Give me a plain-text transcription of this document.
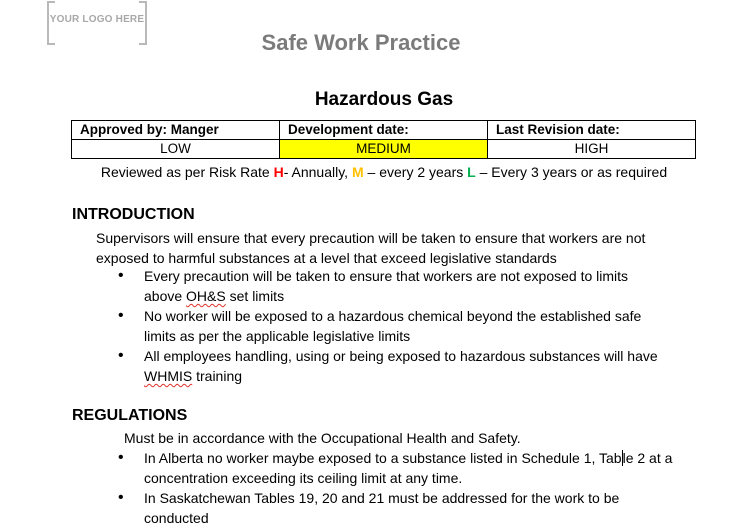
YOUR LOGO HERE
Safe Work Practice
Hazardous Gas
Approved by: Manger	Development date:	Last Revision date:
LOW	MEDIUM	HIGH
Reviewed as per Risk Rate H- Annually, M – every 2 years L – Every 3 years or as required
INTRODUCTION
Supervisors will ensure that every precaution will be taken to ensure that workers are not
exposed to harmful substances at a level that exceed legislative standards
• Every precaution will be taken to ensure that workers are not exposed to limits
above OH&S set limits
• No worker will be exposed to a hazardous chemical beyond the established safe
limits as per the applicable legislative limits
• All employees handling, using or being exposed to hazardous substances will have
WHMIS training
REGULATIONS
Must be in accordance with the Occupational Health and Safety.
• In Alberta no worker maybe exposed to a substance listed in Schedule 1, Table 2 at a
concentration exceeding its ceiling limit at any time.
• In Saskatchewan Tables 19, 20 and 21 must be addressed for the work to be
conducted
